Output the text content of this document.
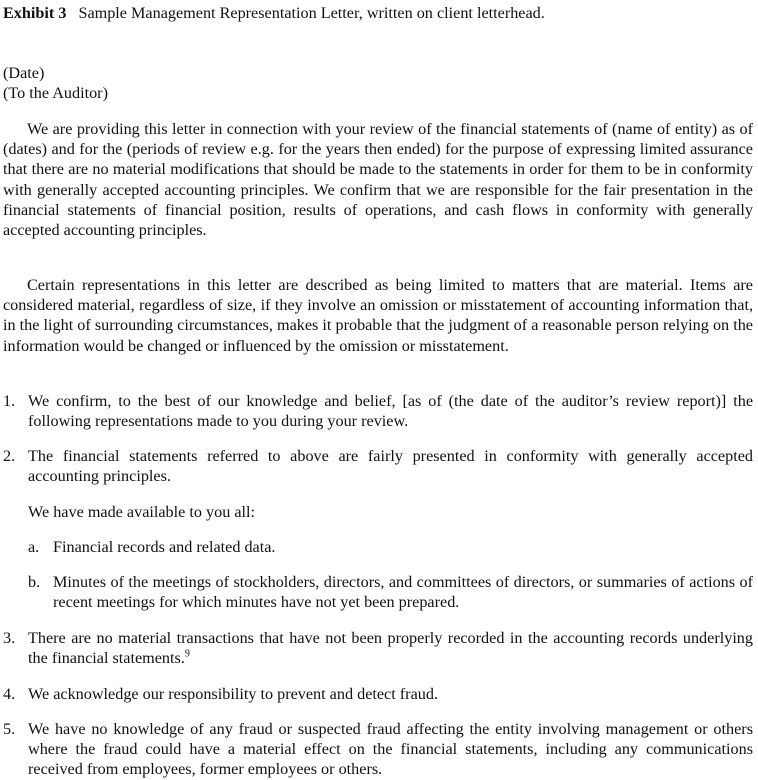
Exhibit 3 Sample Management Representation Letter, written on client letterhead.
(Date)
(To the Auditor)
We are providing this letter in connection with your review of the financial statements of (name of entity) as of (dates) and for the (periods of review e.g. for the years then ended) for the purpose of expressing limited assurance that there are no material modifications that should be made to the statements in order for them to be in conformity with generally accepted accounting principles. We confirm that we are responsible for the fair presentation in the financial statements of financial position, results of operations, and cash flows in conformity with generally accepted accounting principles.
Certain representations in this letter are described as being limited to matters that are material. Items are considered material, regardless of size, if they involve an omission or misstatement of accounting information that, in the light of surrounding circumstances, makes it probable that the judgment of a reasonable person relying on the information would be changed or influenced by the omission or misstatement.
1. We confirm, to the best of our knowledge and belief, [as of (the date of the auditor’s review report)] the following representations made to you during your review.
2. The financial statements referred to above are fairly presented in conformity with generally accepted accounting principles.
We have made available to you all:
a. Financial records and related data.
b. Minutes of the meetings of stockholders, directors, and committees of directors, or summaries of actions of recent meetings for which minutes have not yet been prepared.
3. There are no material transactions that have not been properly recorded in the accounting records underlying the financial statements.$^9$
4. We acknowledge our responsibility to prevent and detect fraud.
5. We have no knowledge of any fraud or suspected fraud affecting the entity involving management or others where the fraud could have a material effect on the financial statements, including any communications received from employees, former employees or others.
